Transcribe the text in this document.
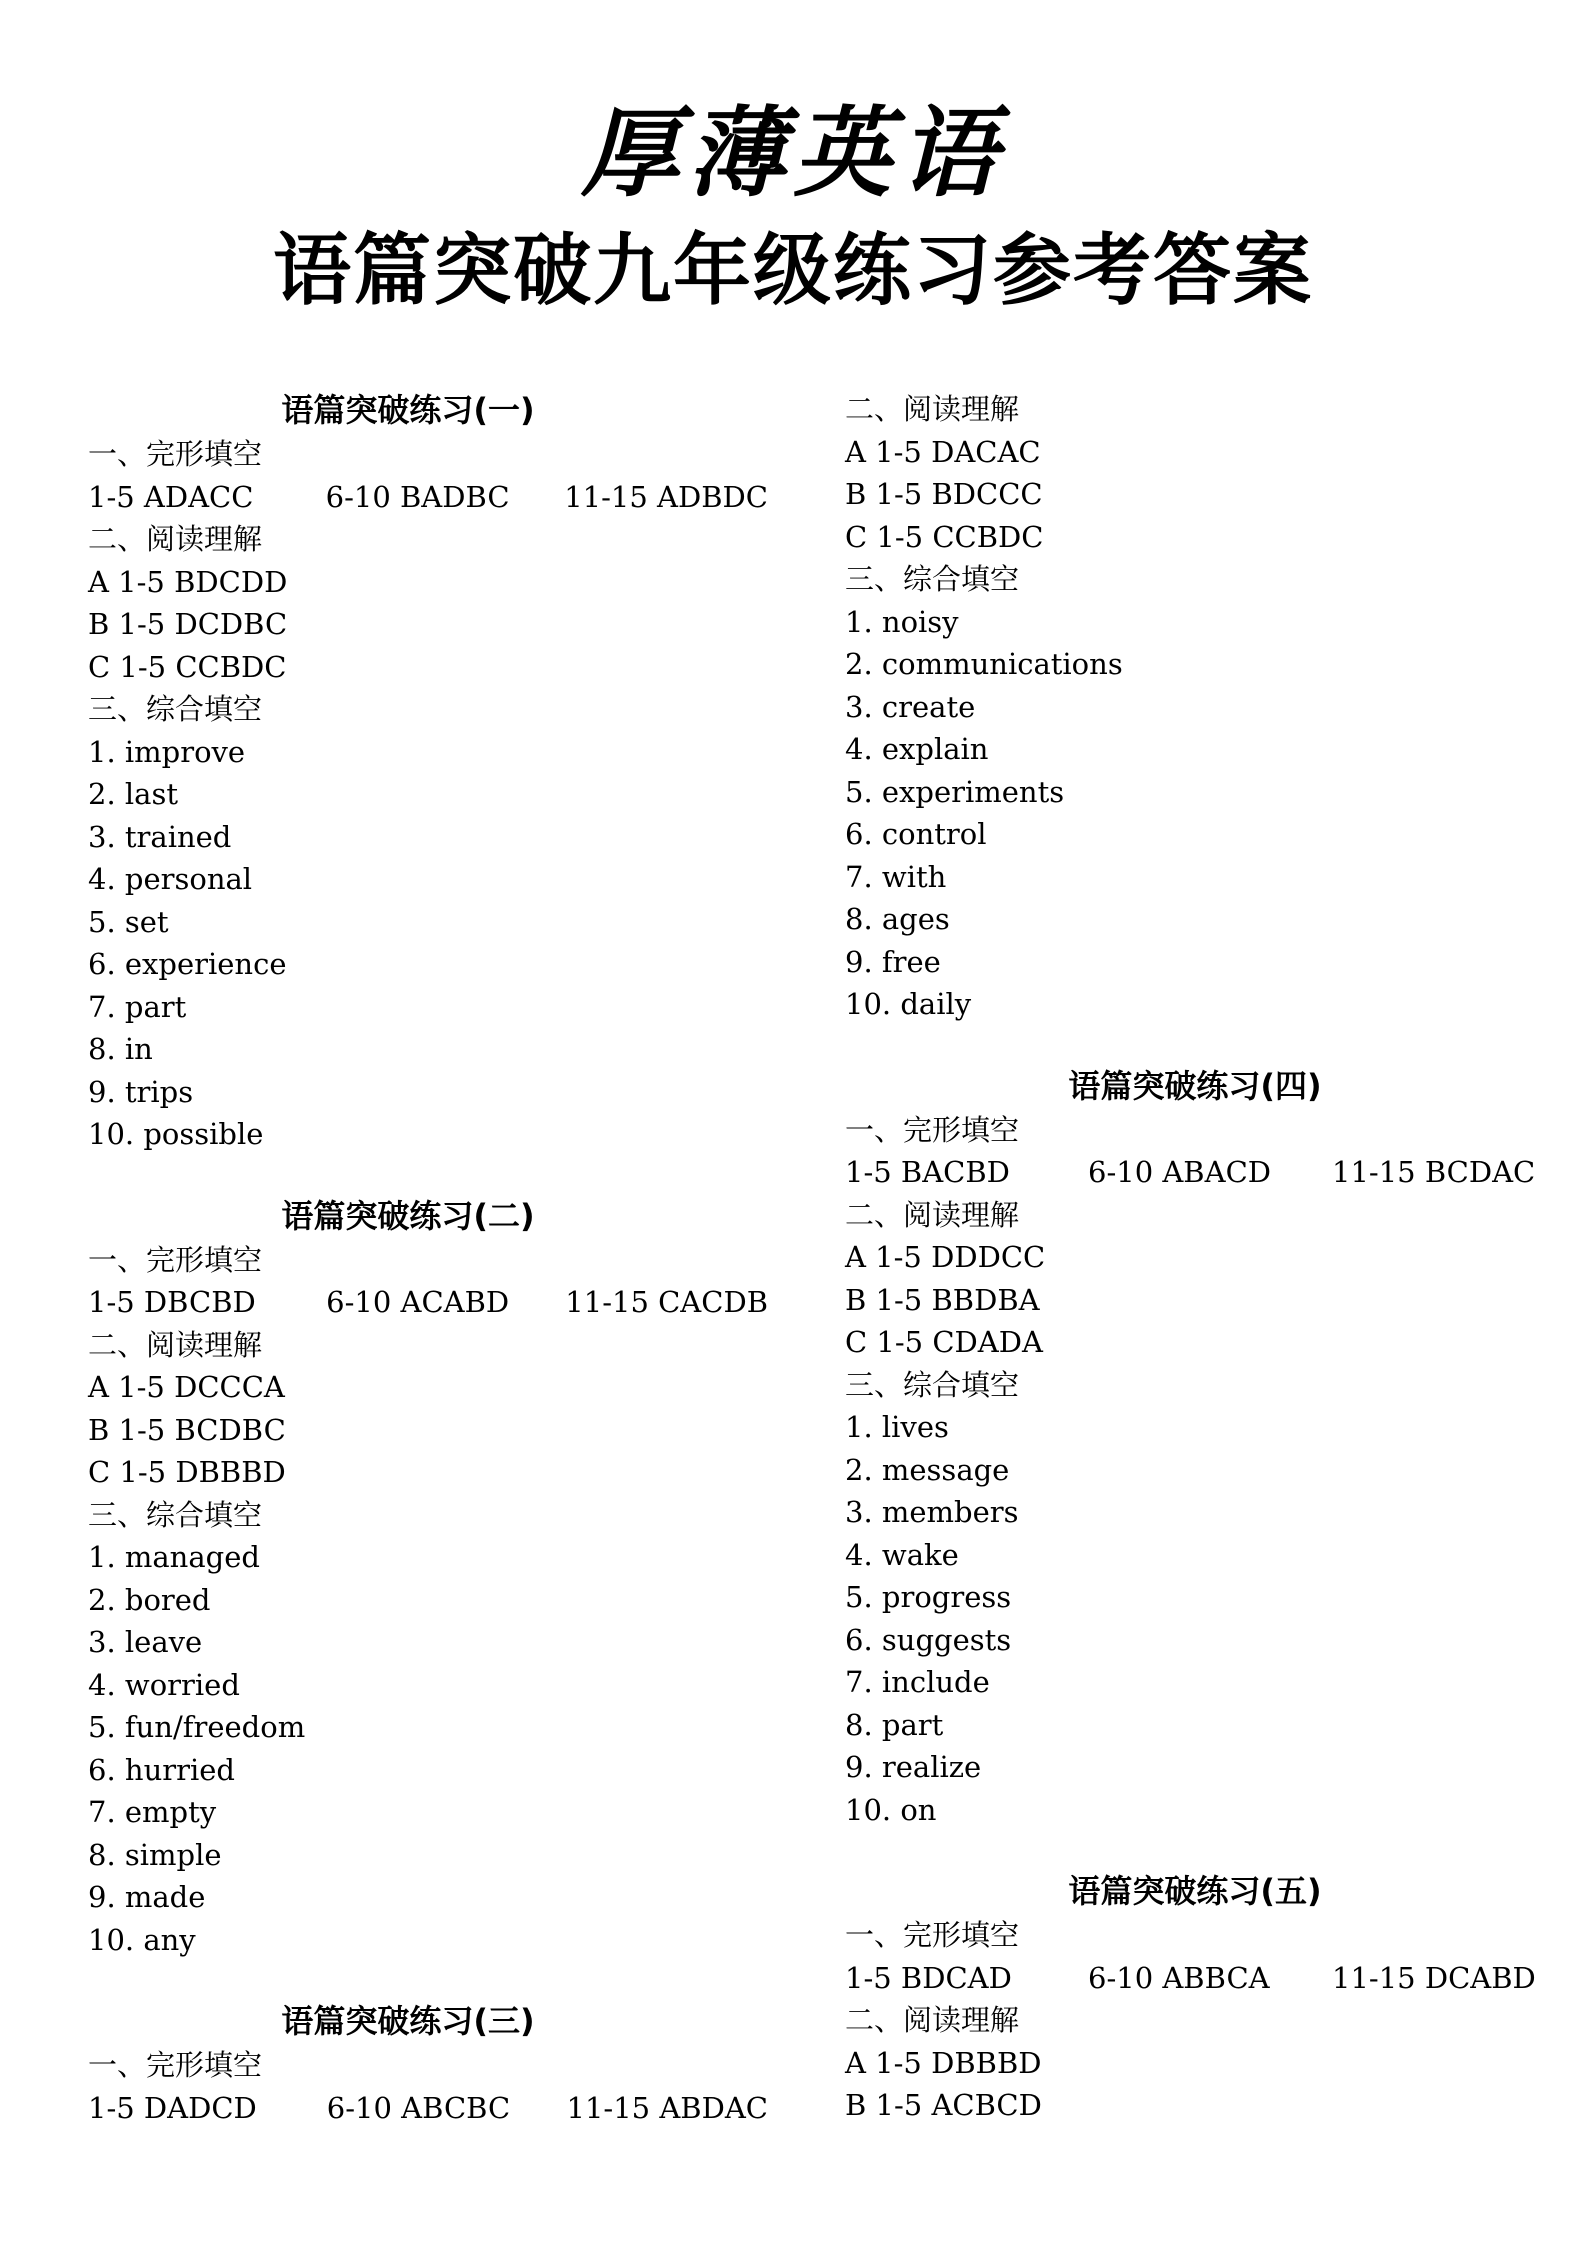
厚薄英语
语篇突破九年级练习参考答案
语篇突破练习(一)
一、完形填空
1-5 ADACC	6-10 BADBC	11-15 ADBDC
二、阅读理解
A 1-5 BDCDD
B 1-5 DCDBC
C 1-5 CCBDC
三、综合填空
1. improve
2. last
3. trained
4. personal
5. set
6. experience
7. part
8. in
9. trips
10. possible
语篇突破练习(二)
一、完形填空
1-5 DBCBD	6-10 ACABD	11-15 CACDB
二、阅读理解
A 1-5 DCCCA
B 1-5 BCDBC
C 1-5 DBBBD
三、综合填空
1. managed
2. bored
3. leave
4. worried
5. fun/freedom
6. hurried
7. empty
8. simple
9. made
10. any
语篇突破练习(三)
一、完形填空
1-5 DADCD	6-10 ABCBC	11-15 ABDAC
二、阅读理解
A 1-5 DACAC
B 1-5 BDCCC
C 1-5 CCBDC
三、综合填空
1. noisy
2. communications
3. create
4. explain
5. experiments
6. control
7. with
8. ages
9. free
10. daily
语篇突破练习(四)
一、完形填空
1-5 BACBD	6-10 ABACD	11-15 BCDAC
二、阅读理解
A 1-5 DDDCC
B 1-5 BBDBA
C 1-5 CDADA
三、综合填空
1. lives
2. message
3. members
4. wake
5. progress
6. suggests
7. include
8. part
9. realize
10. on
语篇突破练习(五)
一、完形填空
1-5 BDCAD	6-10 ABBCA	11-15 DCABD
二、阅读理解
A 1-5 DBBBD
B 1-5 ACBCD
